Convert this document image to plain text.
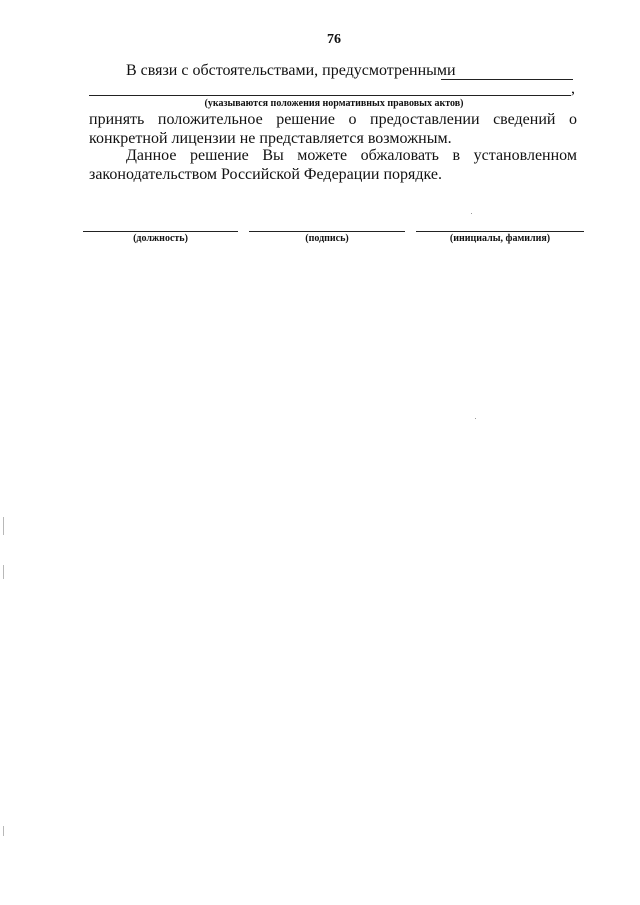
76
В связи с обстоятельствами, предусмотренными
,
(указываются положения нормативных правовых актов)
принять положительное решение о предоставлении сведений о конкретной лицензии не представляется возможным.
Данное решение Вы можете обжаловать в установленном законодательством Российской Федерации порядке.
(должность)	(подпись)	(инициалы, фамилия)
